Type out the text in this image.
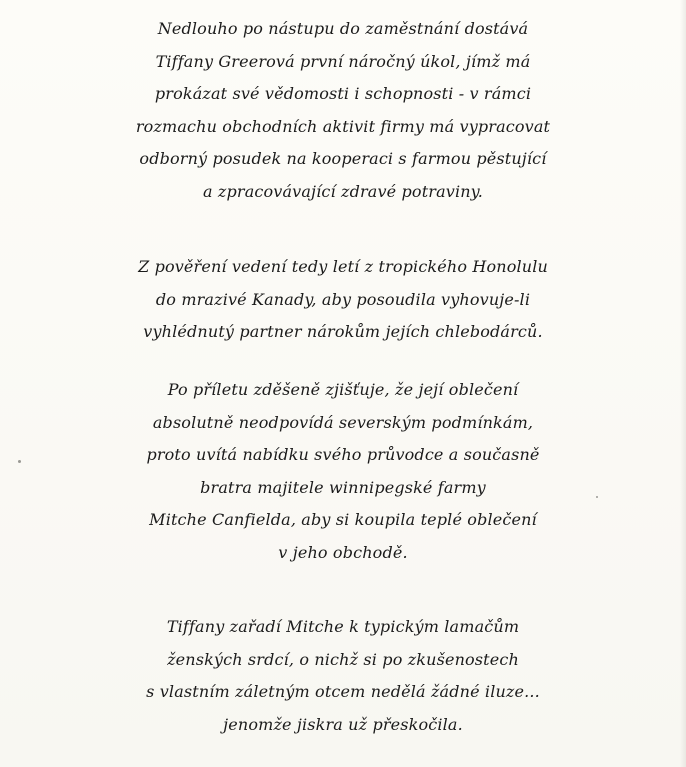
Nedlouho po nástupu do zaměstnání dostává
Tiffany Greerová první náročný úkol, jímž má
prokázat své vědomosti i schopnosti - v rámci
rozmachu obchodních aktivit firmy má vypracovat
odborný posudek na kooperaci s farmou pěstující
a zpracovávající zdravé potraviny.
Z pověření vedení tedy letí z tropického Honolulu
do mrazivé Kanady, aby posoudila vyhovuje-li
vyhlédnutý partner nárokům jejích chlebodárců.
Po příletu zděšeně zjišťuje, že její oblečení
absolutně neodpovídá severským podmínkám,
proto uvítá nabídku svého průvodce a současně
bratra majitele winnipegské farmy
Mitche Canfielda, aby si koupila teplé oblečení
v jeho obchodě.
Tiffany zařadí Mitche k typickým lamačům
ženských srdcí, o nichž si po zkušenostech
s vlastním záletným otcem nedělá žádné iluze...
jenomže jiskra už přeskočila.
